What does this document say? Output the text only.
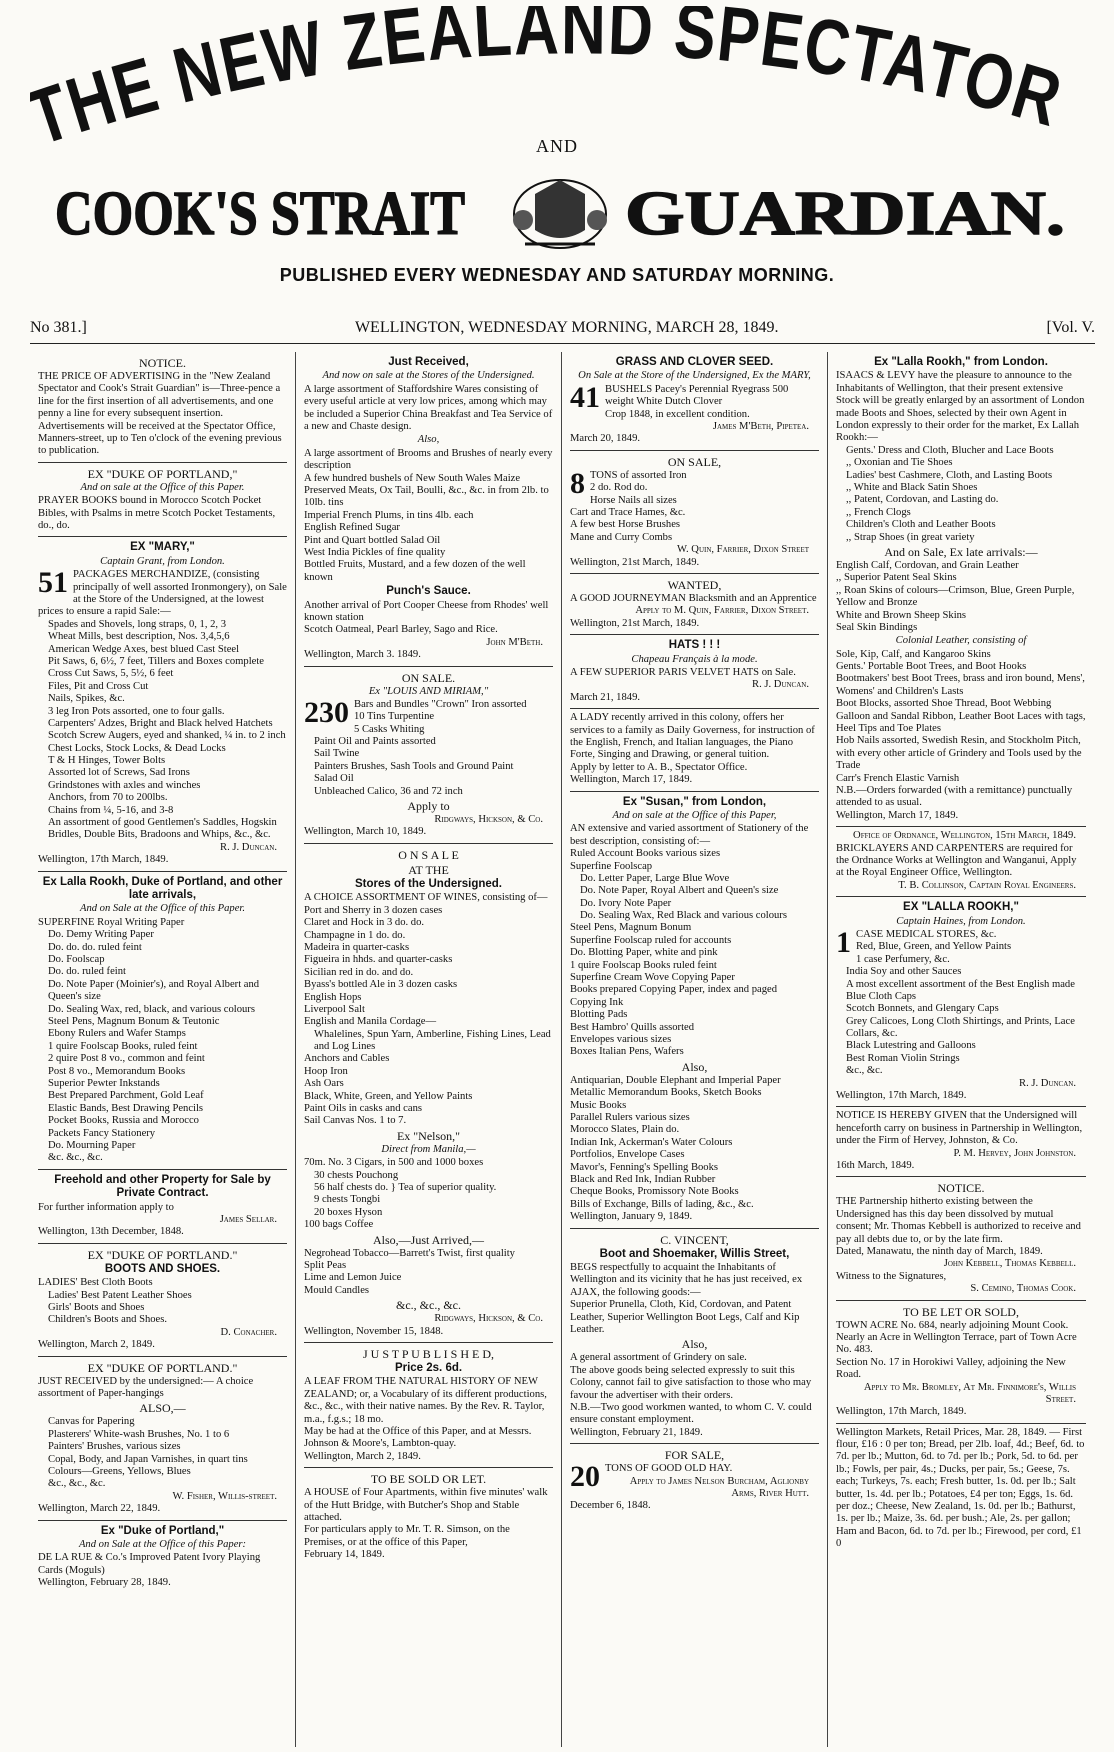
HE NEW ZEALAND SPECTATOR
AND
COOK'S STRAIT	GUARDIAN.
PUBLISHED EVERY WEDNESDAY AND SATURDAY MORNING.
No 381.]	WELLINGTON, WEDNESDAY MORNING, MARCH 28, 1849.	[Vol. V.
NOTICE.
THE PRICE OF ADVERTISING in the "New Zealand Spectator and Cook's Strait Guardian" is—Three-pence a line for the first insertion of all advertisements, and one penny a line for every subsequent insertion. Advertisements will be received at the Spectator Office, Manners-street, up to Ten o'clock of the evening previous to publication.
EX "DUKE OF PORTLAND,"
And on sale at the Office of this Paper.
PRAYER BOOKS bound in Morocco Scotch Pocket Bibles, with Psalms in metre Scotch Pocket Testaments, do., do.
EX "MARY,"
Captain Grant, from London.
51 PACKAGES MERCHANDIZE, (consisting principally of well assorted Ironmongery), on Sale at the Store of the Undersigned, at the lowest prices to ensure a rapid Sale:—
Spades and Shovels, long straps, 0, 1, 2, 3
Wheat Mills, best description, Nos. 3,4,5,6
American Wedge Axes, best blued Cast Steel
Pit Saws, 6, 6½, 7 feet, Tillers and Boxes complete
Cross Cut Saws, 5, 5½, 6 feet
Files, Pit and Cross Cut
Nails, Spikes, &c.
3 leg Iron Pots assorted, one to four galls.
Carpenters' Adzes, Bright and Black helved Hatchets
Scotch Screw Augers, eyed and shanked, ¼ in. to 2 inch
Chest Locks, Stock Locks, & Dead Locks
T & H Hinges, Tower Bolts
Assorted lot of Screws, Sad Irons
Grindstones with axles and winches
Anchors, from 70 to 200lbs.
Chains from ¼, 5-16, and 3-8
An assortment of good Gentlemen's Saddles, Hogskin Bridles, Double Bits, Bradoons and Whips, &c., &c.
R. J. Duncan.
Wellington, 17th March, 1849.
Ex Lalla Rookh, Duke of Portland, and other late arrivals,
And on Sale at the Office of this Paper.
SUPERFINE Royal Writing Paper
Do. Demy Writing Paper
Do. do. do. ruled feint
Do. Foolscap
Do. do. ruled feint
Do. Note Paper (Moinier's), and Royal Albert and Queen's size
Do. Sealing Wax, red, black, and various colours
Steel Pens, Magnum Bonum & Teutonic
Ebony Rulers and Wafer Stamps
1 quire Foolscap Books, ruled feint
2 quire Post 8 vo., common and feint
Post 8 vo., Memorandum Books
Superior Pewter Inkstands
Best Prepared Parchment, Gold Leaf
Elastic Bands, Best Drawing Pencils
Pocket Books, Russia and Morocco
Packets Fancy Stationery
Do. Mourning Paper
&c. &c., &c.
Freehold and other Property for Sale by Private Contract.
For further information apply to
James Sellar.
Wellington, 13th December, 1848.
EX "DUKE OF PORTLAND."
BOOTS AND SHOES.
LADIES' Best Cloth Boots
Ladies' Best Patent Leather Shoes
Girls' Boots and Shoes
Children's Boots and Shoes.
D. Conacher.
Wellington, March 2, 1849.
EX "DUKE OF PORTLAND."
JUST RECEIVED by the undersigned:— A choice assortment of Paper-hangings
ALSO,—
Canvas for Papering
Plasterers' White-wash Brushes, No. 1 to 6
Painters' Brushes, various sizes
Copal, Body, and Japan Varnishes, in quart tins
Colours—Greens, Yellows, Blues
&c., &c., &c.
W. Fisher, Willis-street.
Wellington, March 22, 1849.
Ex "Duke of Portland,"
And on Sale at the Office of this Paper:
DE LA RUE & Co.'s Improved Patent Ivory Playing Cards (Moguls)
Wellington, February 28, 1849.
Just Received,
And now on sale at the Stores of the Undersigned.
A large assortment of Staffordshire Wares consisting of every useful article at very low prices, among which may be included a Superior China Breakfast and Tea Service of a new and Chaste design.
Also,
A large assortment of Brooms and Brushes of nearly every description
A few hundred bushels of New South Wales Maize
Preserved Meats, Ox Tail, Boulli, &c., &c. in from 2lb. to 10lb. tins
Imperial French Plums, in tins 4lb. each
English Refined Sugar
Pint and Quart bottled Salad Oil
West India Pickles of fine quality
Bottled Fruits, Mustard, and a few dozen of the well known
Punch's Sauce.
Another arrival of Port Cooper Cheese from Rhodes' well known station
Scotch Oatmeal, Pearl Barley, Sago and Rice.
John M'Beth.
Wellington, March 3. 1849.
ON SALE.
Ex "LOUIS AND MIRIAM,"
230 Bars and Bundles "Crown" Iron assorted
10 Tins Turpentine
5 Casks Whiting
Paint Oil and Paints assorted
Sail Twine
Painters Brushes, Sash Tools and Ground Paint
Salad Oil
Unbleached Calico, 36 and 72 inch
Apply to
Ridgways, Hickson, & Co.
Wellington, March 10, 1849.
O N S A L E
AT THE
Stores of the Undersigned.
A CHOICE ASSORTMENT OF WINES, consisting of—
Port and Sherry in 3 dozen cases
Claret and Hock in 3 do. do.
Champagne in 1 do. do.
Madeira in quarter-casks
Figueira in hhds. and quarter-casks
Sicilian red in do. and do.
Byass's bottled Ale in 3 dozen casks
English Hops
Liverpool Salt
English and Manila Cordage—
Whalelines, Spun Yarn, Amberline, Fishing Lines, Lead and Log Lines
Anchors and Cables
Hoop Iron
Ash Oars
Black, White, Green, and Yellow Paints
Paint Oils in casks and cans
Sail Canvas Nos. 1 to 7.
Ex "Nelson,"
Direct from Manila,—
70m. No. 3 Cigars, in 500 and 1000 boxes
30 chests Pouchong
56 half chests do. } Tea of superior quality.
9 chests Tongbi
20 boxes Hyson
100 bags Coffee
Also,—Just Arrived,—
Negrohead Tobacco—Barrett's Twist, first quality
Split Peas
Lime and Lemon Juice
Mould Candles
&c., &c., &c.
Ridgways, Hickson, & Co.
Wellington, November 15, 1848.
J U S T P U B L I S H E D,
Price 2s. 6d.
A LEAF FROM THE NATURAL HISTORY OF NEW ZEALAND; or, a Vocabulary of its different productions, &c., &c., with their native names. By the Rev. R. Taylor, m.a., f.g.s.; 18 mo.
May be had at the Office of this Paper, and at Messrs. Johnson & Moore's, Lambton-quay.
Wellington, March 2, 1849.
TO BE SOLD OR LET.
A HOUSE of Four Apartments, within five minutes' walk of the Hutt Bridge, with Butcher's Shop and Stable attached.
For particulars apply to Mr. T. R. Simson, on the Premises, or at the office of this Paper,
February 14, 1849.
GRASS AND CLOVER SEED.
On Sale at the Store of the Undersigned, Ex the MARY,
41 BUSHELS Pacey's Perennial Ryegrass 500 weight White Dutch Clover
Crop 1848, in excellent condition.
James M'Beth, Pipetea.
March 20, 1849.
ON SALE,
8 TONS of assorted Iron
2 do. Rod do.
Horse Nails all sizes
Cart and Trace Hames, &c.
A few best Horse Brushes
Mane and Curry Combs
W. Quin, Farrier, Dixon Street
Wellington, 21st March, 1849.
WANTED,
A GOOD JOURNEYMAN Blacksmith and an Apprentice
Apply to M. Quin, Farrier, Dixon Street.
Wellington, 21st March, 1849.
HATS ! ! !
Chapeau Français à la mode.
A FEW SUPERIOR PARIS VELVET HATS on Sale.
R. J. Duncan.
March 21, 1849.
A LADY recently arrived in this colony, offers her services to a family as Daily Governess, for instruction of the English, French, and Italian languages, the Piano Forte, Singing and Drawing, or general tuition.
Apply by letter to A. B., Spectator Office.
Wellington, March 17, 1849.
Ex "Susan," from London,
And on sale at the Office of this Paper,
AN extensive and varied assortment of Stationery of the best description, consisting of:—
Ruled Account Books various sizes
Superfine Foolscap
Do. Letter Paper, Large Blue Wove
Do. Note Paper, Royal Albert and Queen's size
Do. Ivory Note Paper
Do. Sealing Wax, Red Black and various colours
Steel Pens, Magnum Bonum
Superfine Foolscap ruled for accounts
Do. Blotting Paper, white and pink
1 quire Foolscap Books ruled feint
Superfine Cream Wove Copying Paper
Books prepared Copying Paper, index and paged
Copying Ink
Blotting Pads
Best Hambro' Quills assorted
Envelopes various sizes
Boxes Italian Pens, Wafers
Also,
Antiquarian, Double Elephant and Imperial Paper
Metallic Memorandum Books, Sketch Books
Music Books
Parallel Rulers various sizes
Morocco Slates, Plain do.
Indian Ink, Ackerman's Water Colours
Portfolios, Envelope Cases
Mavor's, Fenning's Spelling Books
Black and Red Ink, Indian Rubber
Cheque Books, Promissory Note Books
Bills of Exchange, Bills of lading, &c., &c.
Wellington, January 9, 1849.
C. VINCENT,
Boot and Shoemaker, Willis Street,
BEGS respectfully to acquaint the Inhabitants of Wellington and its vicinity that he has just received, ex AJAX, the following goods:—
Superior Prunella, Cloth, Kid, Cordovan, and Patent Leather, Superior Wellington Boot Legs, Calf and Kip Leather.
Also,
A general assortment of Grindery on sale.
The above goods being selected expressly to suit this Colony, cannot fail to give satisfaction to those who may favour the advertiser with their orders.
N.B.—Two good workmen wanted, to whom C. V. could ensure constant employment.
Wellington, February 21, 1849.
FOR SALE,
20 TONS OF GOOD OLD HAY.
Apply to James Nelson Burcham, Aglionby Arms, River Hutt.
December 6, 1848.
Ex "Lalla Rookh," from London.
ISAACS & LEVY have the pleasure to announce to the Inhabitants of Wellington, that their present extensive Stock will be greatly enlarged by an assortment of London made Boots and Shoes, selected by their own Agent in London expressly to their order for the market, Ex Lallah Rookh:—
Gents.' Dress and Cloth, Blucher and Lace Boots
,, Oxonian and Tie Shoes
Ladies' best Cashmere, Cloth, and Lasting Boots
,, White and Black Satin Shoes
,, Patent, Cordovan, and Lasting do.
,, French Clogs
Children's Cloth and Leather Boots
,, Strap Shoes (in great variety
And on Sale, Ex late arrivals:—
English Calf, Cordovan, and Grain Leather
,, Superior Patent Seal Skins
,, Roan Skins of colours—Crimson, Blue, Green Purple, Yellow and Bronze
White and Brown Sheep Skins
Seal Skin Bindings
Colonial Leather, consisting of
Sole, Kip, Calf, and Kangaroo Skins
Gents.' Portable Boot Trees, and Boot Hooks
Bootmakers' best Boot Trees, brass and iron bound, Mens', Womens' and Children's Lasts
Boot Blocks, assorted Shoe Thread, Boot Webbing
Galloon and Sandal Ribbon, Leather Boot Laces with tags, Heel Tips and Toe Plates
Hob Nails assorted, Swedish Resin, and Stockholm Pitch, with every other article of Grindery and Tools used by the Trade
Carr's French Elastic Varnish
N.B.—Orders forwarded (with a remittance) punctually attended to as usual.
Wellington, March 17, 1849.
Office of Ordnance, Wellington, 15th March, 1849.
BRICKLAYERS AND CARPENTERS are required for the Ordnance Works at Wellington and Wanganui, Apply at the Royal Engineer Office, Wellington.
T. B. Collinson, Captain Royal Engineers.
EX "LALLA ROOKH,"
Captain Haines, from London.
1 CASE MEDICAL STORES, &c.
Red, Blue, Green, and Yellow Paints
1 case Perfumery, &c.
India Soy and other Sauces
A most excellent assortment of the Best English made Blue Cloth Caps
Scotch Bonnets, and Glengary Caps
Grey Calicoes, Long Cloth Shirtings, and Prints, Lace Collars, &c.
Black Lutestring and Galloons
Best Roman Violin Strings
&c., &c.
R. J. Duncan.
Wellington, 17th March, 1849.
NOTICE IS HEREBY GIVEN that the Undersigned will henceforth carry on business in Partnership in Wellington, under the Firm of Hervey, Johnston, & Co.
P. M. Hervey, John Johnston.
16th March, 1849.
NOTICE.
THE Partnership hitherto existing between the Undersigned has this day been dissolved by mutual consent; Mr. Thomas Kebbell is authorized to receive and pay all debts due to, or by the late firm.
Dated, Manawatu, the ninth day of March, 1849.
John Kebbell, Thomas Kebbell.
Witness to the Signatures,
S. Cemino, Thomas Cook.
TO BE LET OR SOLD,
TOWN ACRE No. 684, nearly adjoining Mount Cook.
Nearly an Acre in Wellington Terrace, part of Town Acre No. 483.
Section No. 17 in Horokiwi Valley, adjoining the New Road.
Apply to Mr. Bromley, At Mr. Finnimore's, Willis Street.
Wellington, 17th March, 1849.
Wellington Markets, Retail Prices, Mar. 28, 1849. — First flour, £16 : 0 per ton; Bread, per 2lb. loaf, 4d.; Beef, 6d. to 7d. per lb.; Mutton, 6d. to 7d. per lb.; Pork, 5d. to 6d. per lb.; Fowls, per pair, 4s.; Ducks, per pair, 5s.; Geese, 7s. each; Turkeys, 7s. each; Fresh butter, 1s. 0d. per lb.; Salt butter, 1s. 4d. per lb.; Potatoes, £4 per ton; Eggs, 1s. 6d. per doz.; Cheese, New Zealand, 1s. 0d. per lb.; Bathurst, 1s. per lb.; Maize, 3s. 6d. per bush.; Ale, 2s. per gallon; Ham and Bacon, 6d. to 7d. per lb.; Firewood, per cord, £1 0
